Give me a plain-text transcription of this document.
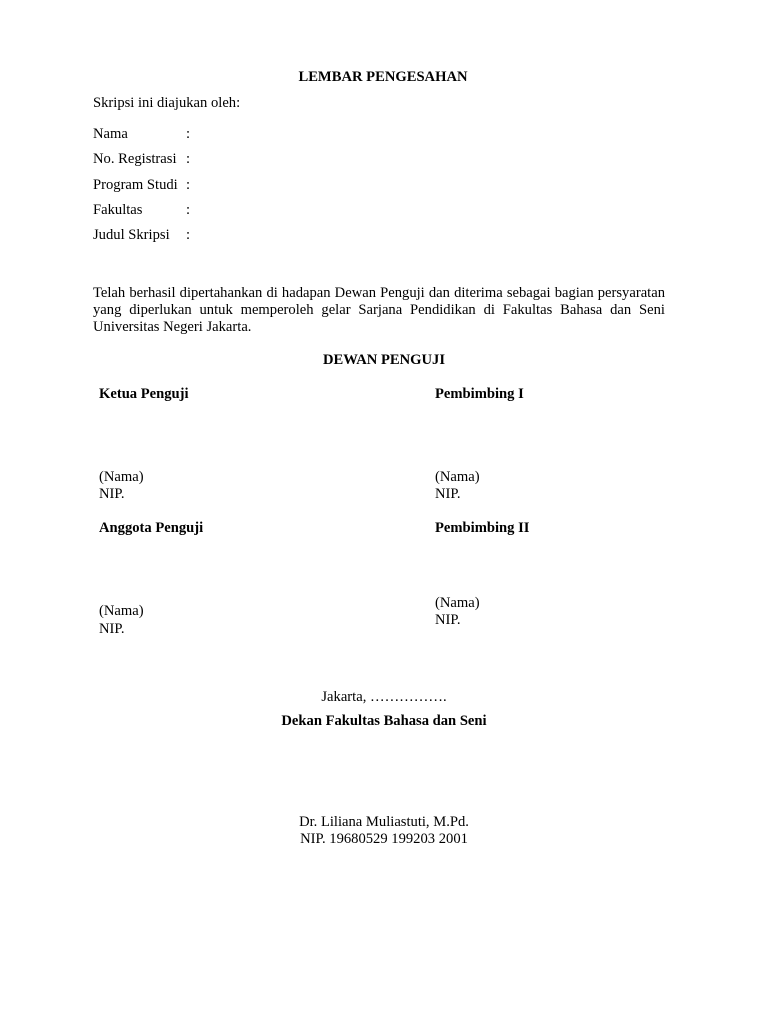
LEMBAR PENGESAHAN
Skripsi ini diajukan oleh:
Nama	:
No. Registrasi :
Program Studi :
Fakultas	:
Judul Skripsi :
Telah berhasil dipertahankan di hadapan Dewan Penguji dan diterima sebagai bagian persyaratan yang diperlukan untuk memperoleh gelar Sarjana Pendidikan di Fakultas Bahasa dan Seni Universitas Negeri Jakarta.
DEWAN PENGUJI
Ketua Penguji
(Nama)
NIP.
Pembimbing I
(Nama)
NIP.
Anggota Penguji
(Nama)
NIP.
Pembimbing II
(Nama)
NIP.
Jakarta, …………….
Dekan Fakultas Bahasa dan Seni
Dr. Liliana Muliastuti, M.Pd.
NIP. 19680529 199203 2001
